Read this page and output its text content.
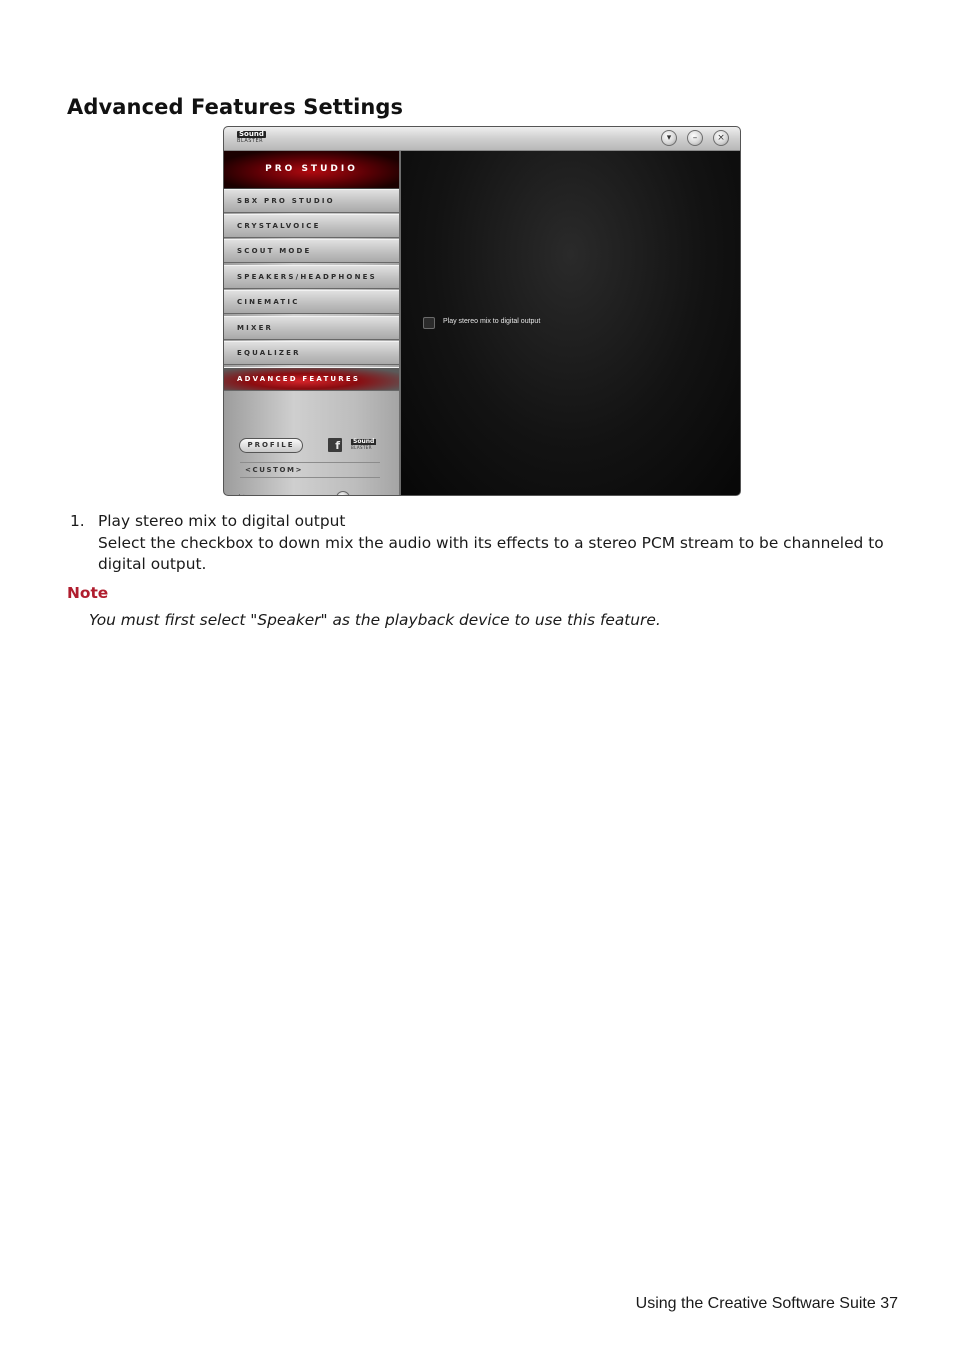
Advanced Features Settings
Sound
BLASTER	▾	–	×
PRO STUDIO
SBX PRO STUDIO
CRYSTALVOICE
SCOUT MODE
SPEAKERS/HEADPHONES
CINEMATIC
MIXER
EQUALIZER
ADVANCED FEATURES
PROFILE	f	Sound
BLASTER
<CUSTOM>
Play stereo mix to digital output
1. Play stereo mix to digital output
Select the checkbox to down mix the audio with its effects to a stereo PCM stream to be channeled to digital output.
Note
You must first select "Speaker" as the playback device to use this feature.
Using the Creative Software Suite 37
